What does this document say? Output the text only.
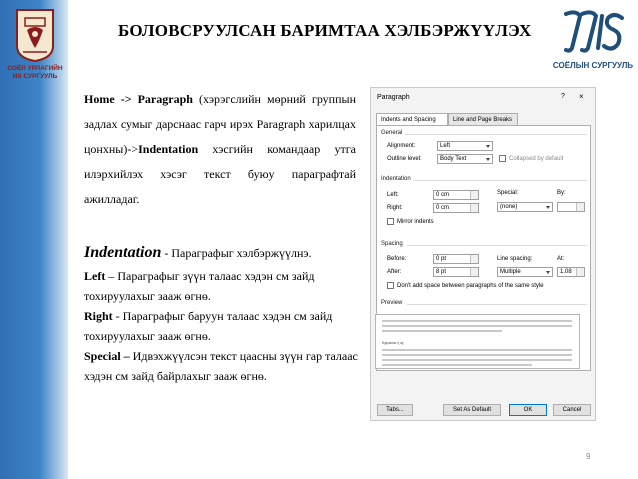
СОЁЛ УРЛАГИЙН
ИХ СУРГУУЛЬ
БОЛОВСРУУЛСАН БАРИМТАА ХЭЛБЭРЖҮҮЛЭХ
СОЁЛЫН СУРГУУЛЬ
Home -> Paragraph (хэрэгслийн мөрний группын задлах сумыг дарснаас гарч ирэх Paragraph харилцах цонхны)->Indentation хэсгийн командаар утга илэрхийлэх хэсэг текст буюу параграфтай ажилладаг.
Indentation - Параграфыг хэлбэржүүлнэ.
Left – Параграфыг зүүн талаас хэдэн см зайд тохируулахыг зааж өгнө.
Right - Параграфыг баруун талаас хэдэн см зайд тохируулахыг зааж өгнө.
Special – Идвэхжүүлсэн текст цаасны зүүн гар талаас хэдэн см зайд байрлахыг зааж өгнө.
Paragraph	? ×
Indents and Spacing	Line and Page Breaks
General
Alignment:	Left
Outline level:	Body Text	Collapsed by default
Indentation
Left:	0 cm
Right:	0 cm
Special:
(none)
By:
Mirror indents
Spacing
Before:	0 pt
After:	8 pt
Line spacing:
Multiple
At:
1.08
Don't add space between paragraphs of the same style
Preview
Қаралж ҳ ај
Tabs...	Set As Default	OK	Cancel
9
